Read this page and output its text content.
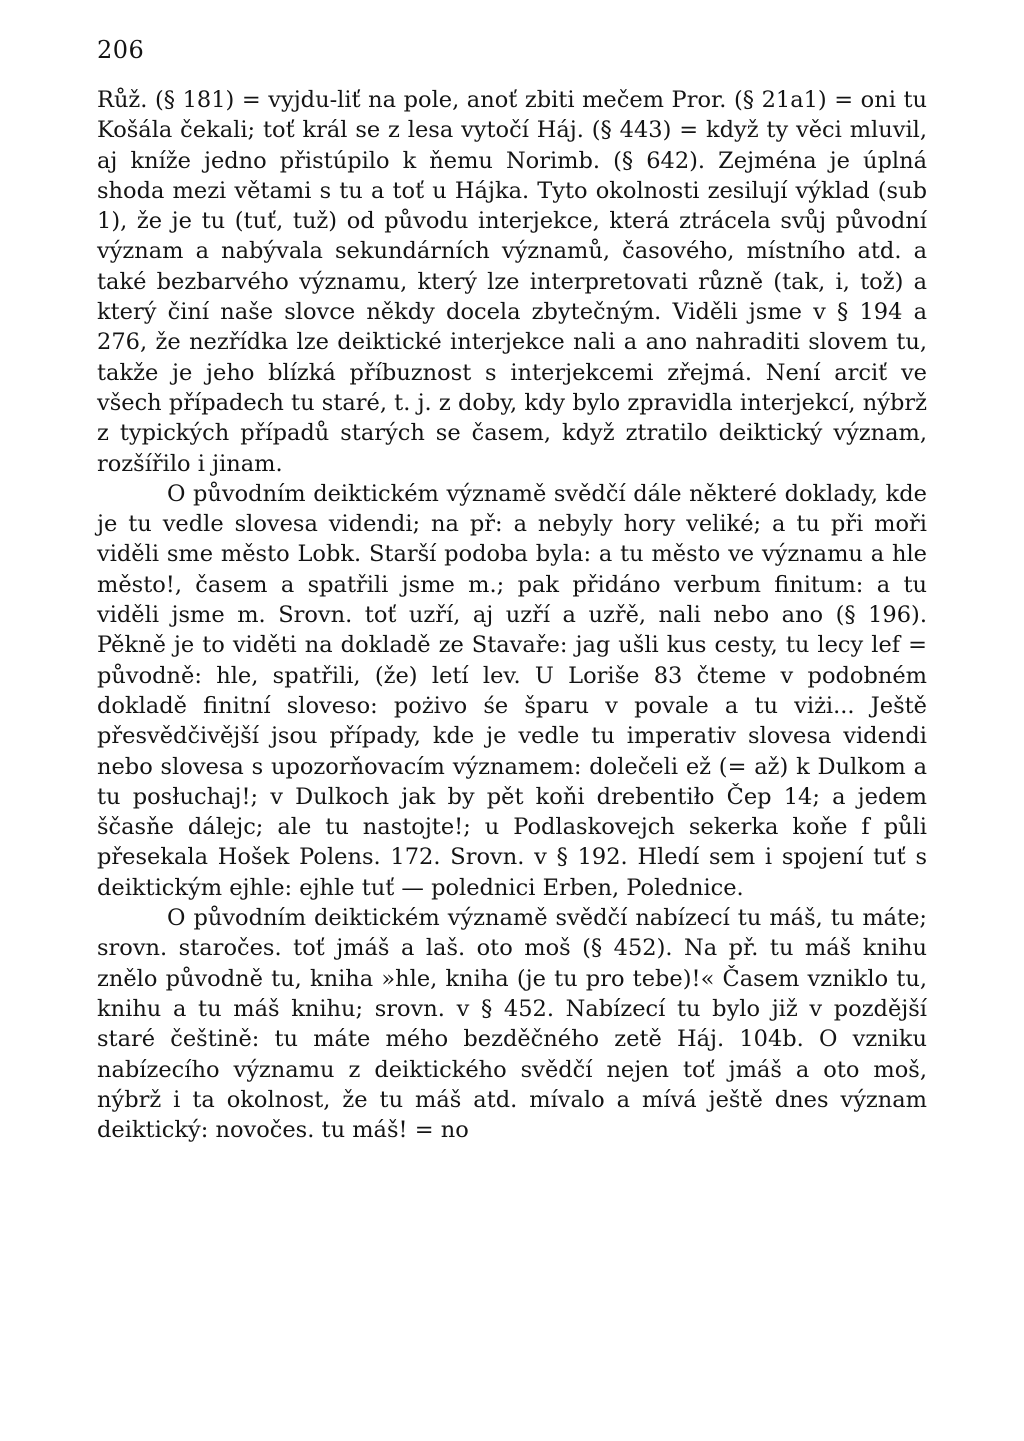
206

Růž. (§ 181) = vyjdu-liť na pole, anoť zbiti mečem Pror. (§ 21a1) = oni tu Košála čekali; toť král se z lesa vytočí Háj. (§ 443) = když ty věci mluvil, aj kníže jedno přistúpilo k ňemu Norimb. (§ 642). Zejména je úplná shoda mezi větami s tu a toť u Hájka. Tyto okolnosti zesilují výklad (sub 1), že je tu (tuť, tuž) od původu interjekce, která ztrácela svůj původní význam a nabývala sekundárních významů, časového, místního atd. a také bezbarvého významu, který lze interpretovati různě (tak, i, tož) a který činí naše slovce někdy docela zbytečným. Viděli jsme v § 194 a 276, že nezřídka lze deiktické interjekce nali a ano nahraditi slovem tu, takže je jeho blízká příbuznost s interjekcemi zřejmá. Není arciť ve všech případech tu staré, t. j. z doby, kdy bylo zpravidla interjekcí, nýbrž z typických případů starých se časem, když ztratilo deiktický význam, rozšířilo i jinam.

O původním deiktickém významě svědčí dále některé doklady, kde je tu vedle slovesa videndi; na př: a nebyly hory veliké; a tu při moři viděli sme město Lobk. Starší podoba byla: a tu město ve významu a hle město!, časem a spatřili jsme m.; pak přidáno verbum finitum: a tu viděli jsme m. Srovn. toť uzří, aj uzří a uzřě, nali nebo ano (§ 196). Pěkně je to viděti na dokladě ze Stavaře: jag ušli kus cesty, tu lecy lef = původně: hle, spatřili, (že) letí lev. U Loriše 83 čteme v podobném dokladě finitní sloveso: pożivo śe šparu v povale a tu viżi... Ještě přesvědčivější jsou případy, kde je vedle tu imperativ slovesa videndi nebo slovesa s upozorňovacím významem: dolečeli ež (= až) k Dulkom a tu posłuchaj!; v Dulkoch jak by pět koňi drebentiło Čep 14; a jedem ščasňe dálejc; ale tu nastojte!; u Podlaskovejch sekerka koňe f půli přesekala Hošek Polens. 172. Srovn. v § 192. Hledí sem i spojení tuť s deiktickým ejhle: ejhle tuť — polednici Erben, Polednice.

O původním deiktickém významě svědčí nabízecí tu máš, tu máte; srovn. staročes. toť jmáš a laš. oto moš (§ 452). Na př. tu máš knihu znělo původně tu, kniha »hle, kniha (je tu pro tebe)!« Časem vzniklo tu, knihu a tu máš knihu; srovn. v § 452. Nabízecí tu bylo již v pozdější staré češtině: tu máte mého bezděčného zetě Háj. 104b. O vzniku nabízecího významu z deiktického svědčí nejen toť jmáš a oto moš, nýbrž i ta okolnost, že tu máš atd. mívalo a mívá ještě dnes význam deiktický: novočes. tu máš! = no
